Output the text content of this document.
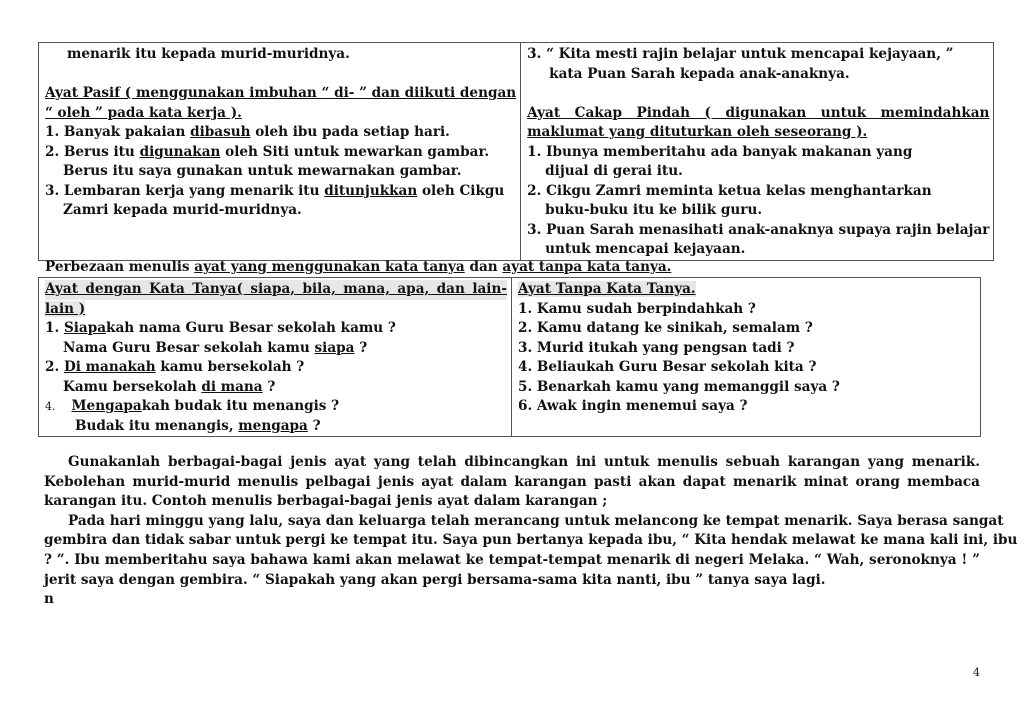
menarik itu kepada murid-muridnya.
Ayat Pasif ( menggunakan imbuhan “ di- ” dan diikuti dengan
“ oleh ” pada kata kerja ).
1. Banyak pakaian dibasuh oleh ibu pada setiap hari.
2. Berus itu digunakan oleh Siti untuk mewarkan gambar.
Berus itu saya gunakan untuk mewarnakan gambar.
3. Lembaran kerja yang menarik itu ditunjukkan oleh Cikgu
Zamri kepada murid-muridnya.

3. “ Kita mesti rajin belajar untuk mencapai kejayaan, ”
kata Puan Sarah kepada anak-anaknya.
Ayat Cakap Pindah ( digunakan untuk memindahkan
maklumat yang dituturkan oleh seseorang ).
1. Ibunya memberitahu ada banyak makanan yang
dijual di gerai itu.
2. Cikgu Zamri meminta ketua kelas menghantarkan
buku-buku itu ke bilik guru.
3. Puan Sarah menasihati anak-anaknya supaya rajin belajar
untuk mencapai kejayaan.
Perbezaan menulis ayat yang menggunakan kata tanya dan ayat tanpa kata tanya.
Ayat dengan Kata Tanya( siapa, bila, mana, apa, dan lain-
lain )
1. Siapakah nama Guru Besar sekolah kamu ?
Nama Guru Besar sekolah kamu siapa ?
2. Di manakah kamu bersekolah ?
Kamu bersekolah di mana ?
4. Mengapakah budak itu menangis ?
Budak itu menangis, mengapa ?

Ayat Tanpa Kata Tanya.
1. Kamu sudah berpindahkah ?
2. Kamu datang ke sinikah, semalam ?
3. Murid itukah yang pengsan tadi ?
4. Beliaukah Guru Besar sekolah kita ?
5. Benarkah kamu yang memanggil saya ?
6. Awak ingin menemui saya ?
Gunakanlah berbagai-bagai jenis ayat yang telah dibincangkan ini untuk menulis sebuah karangan yang menarik.
Kebolehan murid-murid menulis pelbagai jenis ayat dalam karangan pasti akan dapat menarik minat orang membaca
karangan itu. Contoh menulis berbagai-bagai jenis ayat dalam karangan ;
Pada hari minggu yang lalu, saya dan keluarga telah merancang untuk melancong ke tempat menarik. Saya berasa sangat
gembira dan tidak sabar untuk pergi ke tempat itu. Saya pun bertanya kepada ibu, “ Kita hendak melawat ke mana kali ini, ibu
? ”. Ibu memberitahu saya bahawa kami akan melawat ke tempat-tempat menarik di negeri Melaka. “ Wah, seronoknya ! ”
jerit saya dengan gembira. “ Siapakah yang akan pergi bersama-sama kita nanti, ibu ” tanya saya lagi.
n
4
